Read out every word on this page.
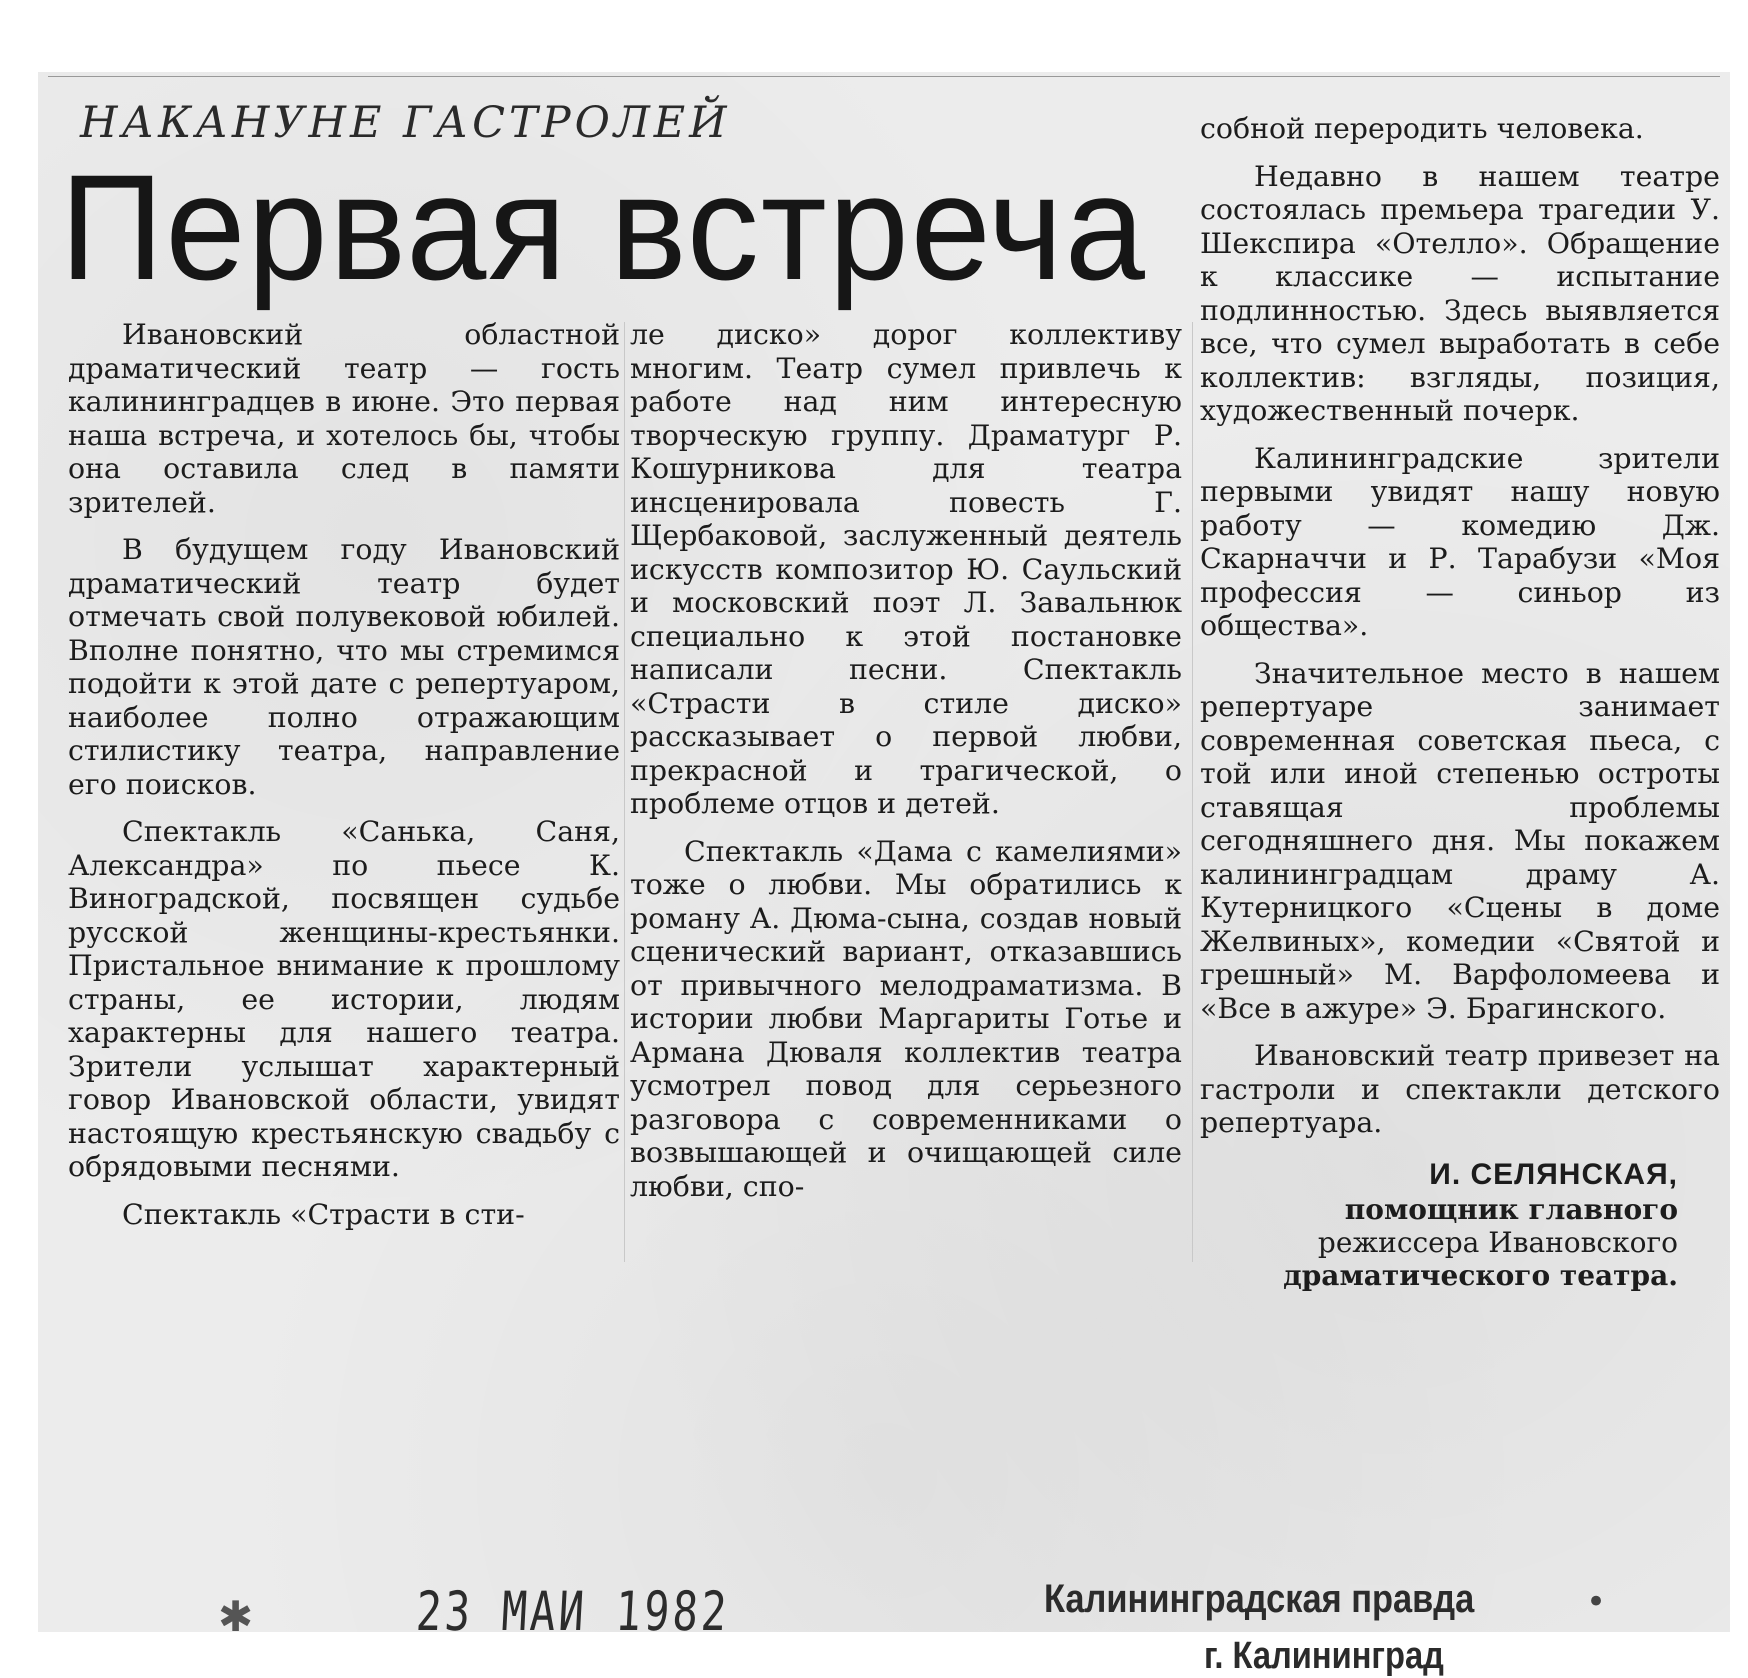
НАКАНУНЕ ГАСТРОЛЕЙ
Первая встреча

Ивановский областной драматический театр — гость калининградцев в июне. Это первая наша встреча, и хотелось бы, чтобы она оставила след в памяти зрителей.

В будущем году Ивановский драматический театр будет отмечать свой полувековой юбилей. Вполне понятно, что мы стремимся подойти к этой дате с репертуаром, наиболее полно отражающим стилистику театра, направление его поисков.

Спектакль «Санька, Саня, Александра» по пьесе К. Виноградской, посвящен судьбе русской женщины-крестьянки. Пристальное внимание к прошлому страны, ее истории, людям характерны для нашего театра. Зрители услышат характерный говор Ивановской области, увидят настоящую крестьянскую свадьбу с обрядовыми песнями.

Спектакль «Страсти в сти-

ле диско» дорог коллективу многим. Театр сумел привлечь к работе над ним интересную творческую группу. Драматург Р. Кошурникова для театра инсценировала повесть Г. Щербаковой, заслуженный деятель искусств композитор Ю. Саульский и московский поэт Л. Завальнюк специально к этой постановке написали песни. Спектакль «Страсти в стиле диско» рассказывает о первой любви, прекрасной и трагической, о проблеме отцов и детей.

Спектакль «Дама с камелиями» тоже о любви. Мы обратились к роману А. Дюма-сына, создав новый сценический вариант, отказавшись от привычного мелодраматизма. В истории любви Маргариты Готье и Армана Дюваля коллектив театра усмотрел повод для серьезного разговора с современниками о возвышающей и очищающей силе любви, спо-

собной переродить человека.

Недавно в нашем театре состоялась премьера трагедии У. Шекспира «Отелло». Обращение к классике — испытание подлинностью. Здесь выявляется все, что сумел выработать в себе коллектив: взгляды, позиция, художественный почерк.

Калининградские зрители первыми увидят нашу новую работу — комедию Дж. Скарначчи и Р. Тарабузи «Моя профессия — синьор из общества».

Значительное место в нашем репертуаре занимает современная советская пьеса, с той или иной степенью остроты ставящая проблемы сегодняшнего дня. Мы покажем калининградцам драму А. Кутерницкого «Сцены в доме Желвиных», комедии «Святой и грешный» М. Варфоломеева и «Все в ажуре» Э. Брагинского.

Ивановский театр привезет на гастроли и спектакли детского репертуара.

И. СЕЛЯНСКАЯ,
помощник главного
режиссера Ивановского
драматического театра.
✱	23 МАИ 1982	Калининградская правда
г. Калининград
•
